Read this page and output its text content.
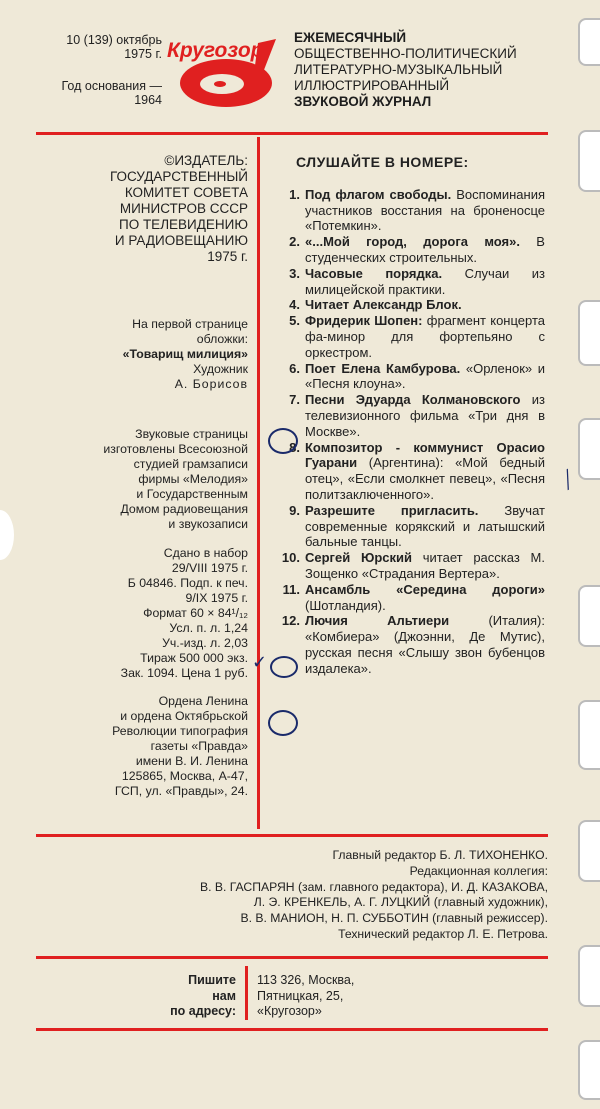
10 (139) октябрь
1975 г.
Год основания —
1964
Кругозор
ЕЖЕМЕСЯЧНЫЙ
ОБЩЕСТВЕННО-ПОЛИТИЧЕСКИЙ
ЛИТЕРАТУРНО-МУЗЫКАЛЬНЫЙ
ИЛЛЮСТРИРОВАННЫЙ
ЗВУКОВОЙ ЖУРНАЛ

©ИЗДАТЕЛЬ:
ГОСУДАРСТВЕННЫЙ
КОМИТЕТ СОВЕТА
МИНИСТРОВ СССР
ПО ТЕЛЕВИДЕНИЮ
И РАДИОВЕЩАНИЮ
1975 г.

На первой странице
обложки:
«Товарищ милиция»
Художник
А. Борисов

Звуковые страницы
изготовлены Всесоюзной
студией грамзаписи
фирмы «Мелодия»
и Государственным
Домом радиовещания
и звукозаписи

Сдано в набор
29/VIII 1975 г.
Б 04846. Подп. к печ.
9/IX 1975 г.
Формат 60 × 84¹/₁₂
Усл. п. л. 1,24
Уч.-изд. л. 2,03
Тираж 500 000 экз.
Зак. 1094. Цена 1 руб.

Ордена Ленина
и ордена Октябрьской
Революции типография
газеты «Правда»
имени В. И. Ленина
125865, Москва, А-47,
ГСП, ул. «Правды», 24.

СЛУШАЙТЕ В НОМЕРЕ:
1. Под флагом свободы. Воспоминания участников восстания на броненосце «Потемкин».
2. «...Мой город, дорога моя». В студенческих строительных.
3. Часовые порядка. Случаи из милицейской практики.
4. Читает Александр Блок.
5. Фридерик Шопен: фрагмент концерта фа-минор для фортепьяно с оркестром.
6. Поет Елена Камбурова. «Орленок» и «Песня клоуна».
7. Песни Эдуарда Колмановского из телевизионного фильма «Три дня в Москве».
8. Композитор - коммунист Орасио Гуарани (Аргентина): «Мой бедный отец», «Если смолкнет певец», «Песня политзаключенного».
9. Разрешите пригласить. Звучат современные корякский и латышский бальные танцы.
10. Сергей Юрский читает рассказ М. Зощенко «Страдания Вертера».
11. Ансамбль «Середина дороги» (Шотландия).
12. Лючия Альтиери (Италия): «Комбиера» (Джоэнни, Де Мутис), русская песня «Слышу звон бубенцов издалека».
✓
╱

Главный редактор Б. Л. ТИХОНЕНКО.

Редакционная коллегия:

В. В. ГАСПАРЯН (зам. главного редактора), И. Д. КАЗАКОВА,

Л. Э. КРЕНКЕЛЬ, А. Г. ЛУЦКИЙ (главный художник),

В. В. МАНИОН, Н. П. СУББОТИН (главный режиссер).

Технический редактор Л. Е. Петрова.

Пишите
нам
по адресу:
113 326, Москва,
Пятницкая, 25,
«Кругозор»
